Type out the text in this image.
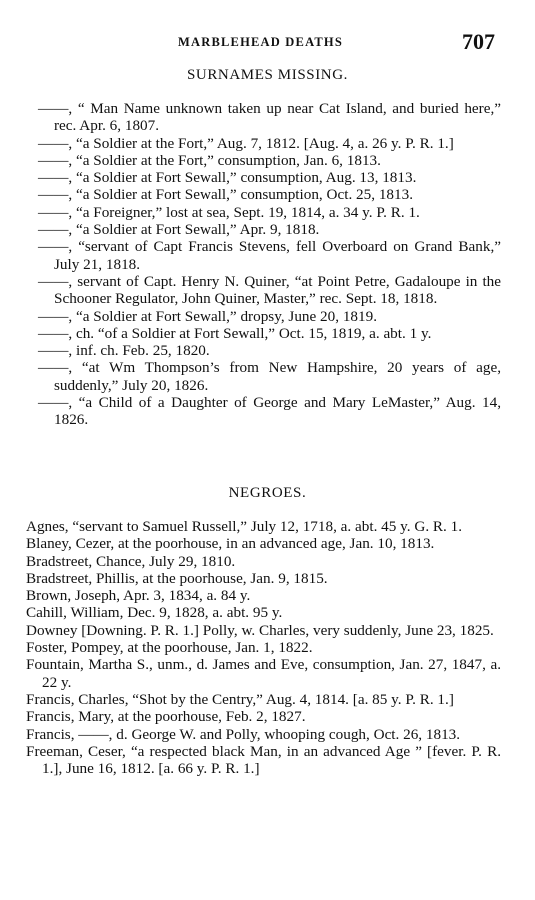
MARBLEHEAD DEATHS	707
SURNAMES MISSING.
——, “ Man Name unknown taken up near Cat Island, and buried here,” rec. Apr. 6, 1807.
——, “a Soldier at the Fort,” Aug. 7, 1812. [Aug. 4, a. 26 y. P. R. 1.]
——, “a Soldier at the Fort,” consumption, Jan. 6, 1813.
——, “a Soldier at Fort Sewall,” consumption, Aug. 13, 1813.
——, “a Soldier at Fort Sewall,” consumption, Oct. 25, 1813.
——, “a Foreigner,” lost at sea, Sept. 19, 1814, a. 34 y. P. R. 1.
——, “a Soldier at Fort Sewall,” Apr. 9, 1818.
——, “servant of Capt Francis Stevens, fell Overboard on Grand Bank,” July 21, 1818.
——, servant of Capt. Henry N. Quiner, “at Point Petre, Gadaloupe in the Schooner Regulator, John Quiner, Master,” rec. Sept. 18, 1818.
——, “a Soldier at Fort Sewall,” dropsy, June 20, 1819.
——, ch. “of a Soldier at Fort Sewall,” Oct. 15, 1819, a. abt. 1 y.
——, inf. ch. Feb. 25, 1820.
——, “at Wm Thompson’s from New Hampshire, 20 years of age, suddenly,” July 20, 1826.
——, “a Child of a Daughter of George and Mary LeMaster,” Aug. 14, 1826.
NEGROES.
Agnes, “servant to Samuel Russell,” July 12, 1718, a. abt. 45 y. G. R. 1.
Blaney, Cezer, at the poorhouse, in an advanced age, Jan. 10, 1813.
Bradstreet, Chance, July 29, 1810.
Bradstreet, Phillis, at the poorhouse, Jan. 9, 1815.
Brown, Joseph, Apr. 3, 1834, a. 84 y.
Cahill, William, Dec. 9, 1828, a. abt. 95 y.
Downey [Downing. P. R. 1.] Polly, w. Charles, very suddenly, June 23, 1825.
Foster, Pompey, at the poorhouse, Jan. 1, 1822.
Fountain, Martha S., unm., d. James and Eve, consumption, Jan. 27, 1847, a. 22 y.
Francis, Charles, “Shot by the Centry,” Aug. 4, 1814. [a. 85 y. P. R. 1.]
Francis, Mary, at the poorhouse, Feb. 2, 1827.
Francis, ——, d. George W. and Polly, whooping cough, Oct. 26, 1813.
Freeman, Ceser, “a respected black Man, in an advanced Age ” [fever. P. R. 1.], June 16, 1812. [a. 66 y. P. R. 1.]
